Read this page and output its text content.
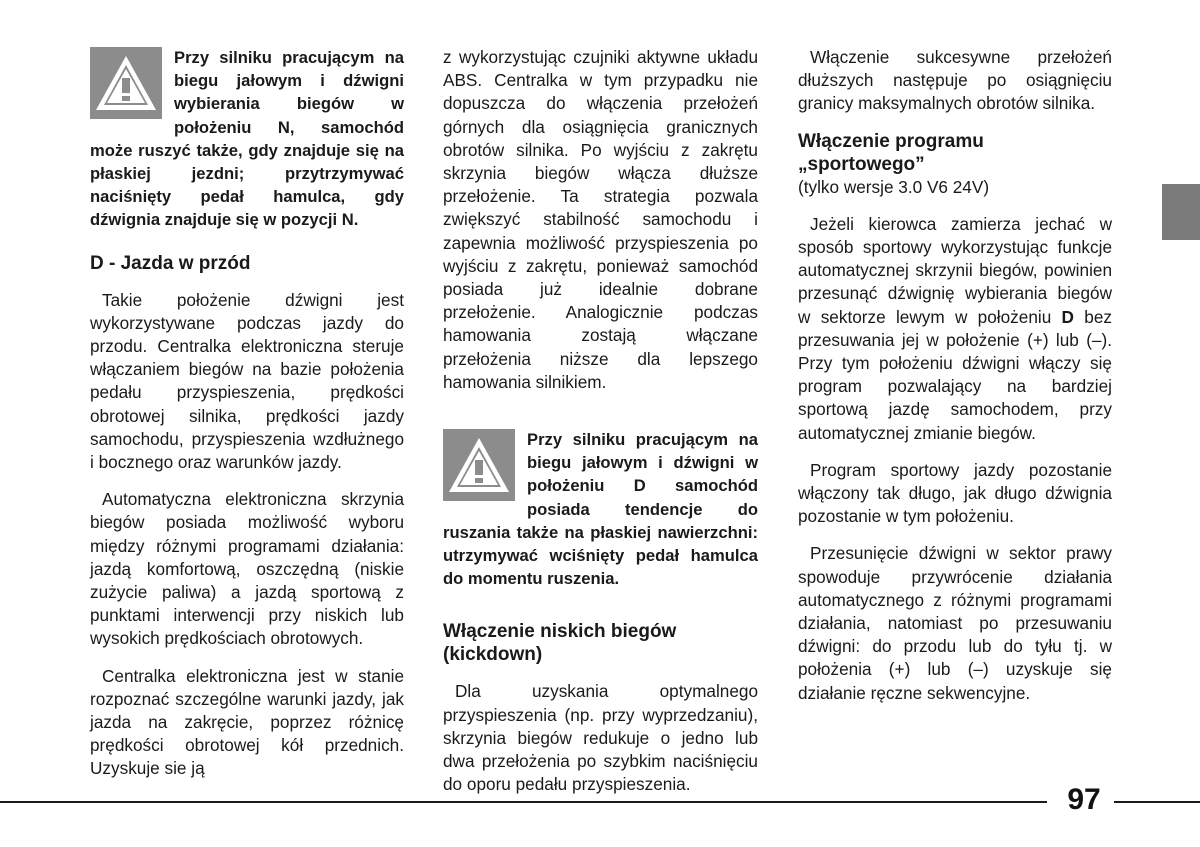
Przy silniku pracującym na biegu jałowym i dźwigni wybierania biegów w położeniu N, samochód może ruszyć także, gdy znajduje się na płaskiej jezdni; przytrzymywać naciśnięty pedał hamulca, gdy dźwignia znajduje się w pozycji N.

D - Jazda w przód

Takie położenie dźwigni jest wykorzystywane podczas jazdy do przodu. Centralka elektroniczna steruje włączaniem biegów na bazie położenia pedału przyspieszenia, prędkości obrotowej silnika, prędkości jazdy samochodu, przyspieszenia wzdłużnego i bocznego oraz warunków jazdy.

Automatyczna elektroniczna skrzynia biegów posiada możliwość wyboru między różnymi programami działania: jazdą komfortową, oszczędną (niskie zużycie paliwa) a jazdą sportową z punktami interwencji przy niskich lub wysokich prędkościach obrotowych.

Centralka elektroniczna jest w stanie rozpoznać szczególne warunki jazdy, jak jazda na zakręcie, poprzez różnicę prędkości obrotowej kół przednich. Uzyskuje sie ją

z wykorzystując czujniki aktywne układu ABS. Centralka w tym przypadku nie dopuszcza do włączenia przełożeń górnych dla osiągnięcia granicznych obrotów silnika. Po wyjściu z zakrętu skrzynia biegów włącza dłuższe przełożenie. Ta strategia pozwala zwiększyć stabilność samochodu i zapewnia możliwość przyspieszenia po wyjściu z zakrętu, ponieważ samochód posiada już idealnie dobrane przełożenie. Analogicznie podczas hamowania zostają włączane przełożenia niższe dla lepszego hamowania silnikiem.

Przy silniku pracującym na biegu jałowym i dźwigni w położeniu D samochód posiada tendencje do ruszania także na płaskiej nawierzchni: utrzymywać wciśnięty pedał hamulca do momentu ruszenia.

Włączenie niskich biegów (kickdown)

Dla uzyskania optymalnego przyspieszenia (np. przy wyprzedzaniu), skrzynia biegów redukuje o jedno lub dwa przełożenia po szybkim naciśnięciu do oporu pedału przyspieszenia.

Włączenie sukcesywne przełożeń dłuższych następuje po osiągnięciu granicy maksymalnych obrotów silnika.

Włączenie programu

„sportowego”

(tylko wersje 3.0 V6 24V)

Jeżeli kierowca zamierza jechać w sposób sportowy wykorzystując funkcje automatycznej skrzynii biegów, powinien przesunąć dźwignię wybierania biegów w sektorze lewym w położeniu D bez przesuwania jej w położenie (+) lub (–). Przy tym położeniu dźwigni włączy się program pozwalający na bardziej sportową jazdę samochodem, przy automatycznej zmianie biegów.

Program sportowy jazdy pozostanie włączony tak długo, jak długo dźwignia pozostanie w tym położeniu.

Przesunięcie dźwigni w sektor prawy spowoduje przywrócenie działania automatycznego z różnymi programami działania, natomiast po przesuwaniu dźwigni: do przodu lub do tyłu tj. w położenia (+) lub (–) uzyskuje się działanie ręczne sekwencyjne.

97
